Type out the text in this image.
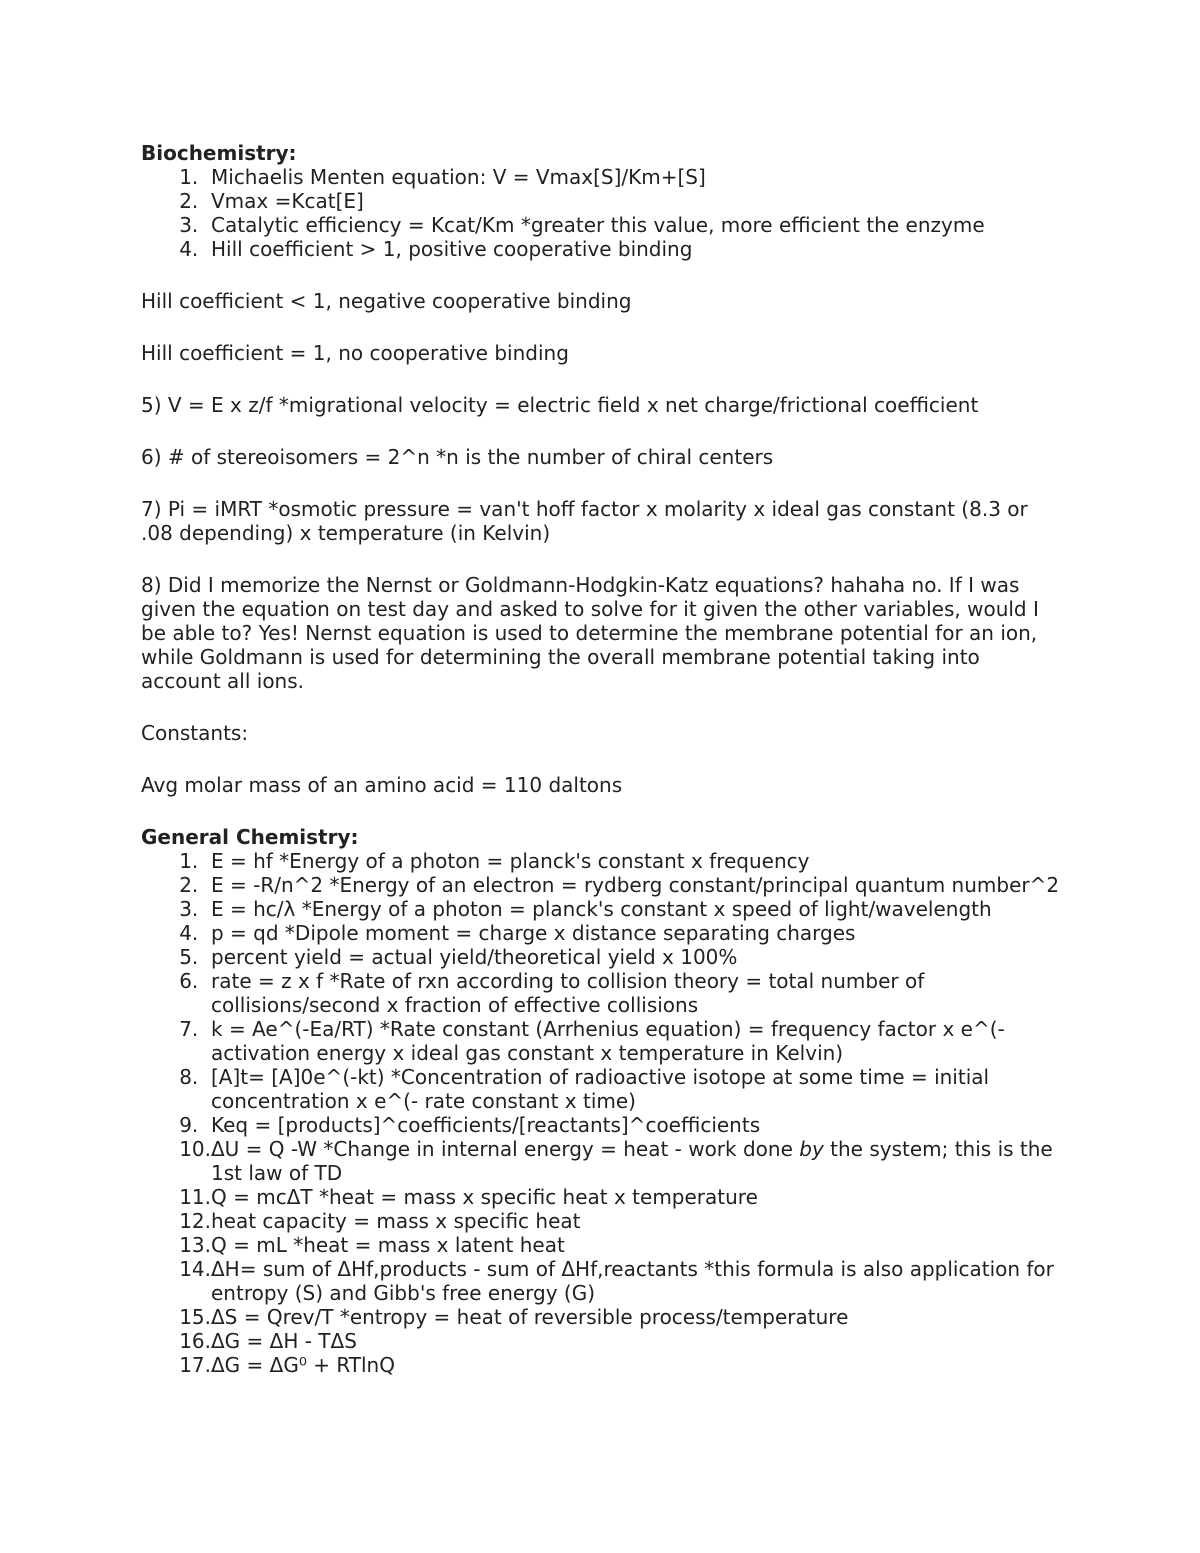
Biochemistry:

1. Michaelis Menten equation: V = Vmax[S]/Km+[S]
2. Vmax =Kcat[E]
3. Catalytic efficiency = Kcat/Km *greater this value, more efficient the enzyme
4. Hill coefficient > 1, positive cooperative binding

Hill coefficient < 1, negative cooperative binding

Hill coefficient = 1, no cooperative binding

5) V = E x z/f *migrational velocity = electric field x net charge/frictional coefficient

6) # of stereoisomers = 2^n *n is the number of chiral centers

7) Pi = iMRT *osmotic pressure = van't hoff factor x molarity x ideal gas constant (8.3 or .08 depending) x temperature (in Kelvin)

8) Did I memorize the Nernst or Goldmann-Hodgkin-Katz equations? hahaha no. If I was given the equation on test day and asked to solve for it given the other variables, would I be able to? Yes! Nernst equation is used to determine the membrane potential for an ion, while Goldmann is used for determining the overall membrane potential taking into account all ions.

Constants:

Avg molar mass of an amino acid = 110 daltons

General Chemistry:

1. E = hf *Energy of a photon = planck's constant x frequency
2. E = -R/n^2 *Energy of an electron = rydberg constant/principal quantum number^2
3. E = hc/λ *Energy of a photon = planck's constant x speed of light/wavelength
4. p = qd *Dipole moment = charge x distance separating charges
5. percent yield = actual yield/theoretical yield x 100%
6. rate = z x f *Rate of rxn according to collision theory = total number of collisions/second x fraction of effective collisions
7. k = Ae^(-Ea/RT) *Rate constant (Arrhenius equation) = frequency factor x e^(-activation energy x ideal gas constant x temperature in Kelvin)
8. [A]t= [A]0e^(-kt) *Concentration of radioactive isotope at some time = initial concentration x e^(- rate constant x time)
9. Keq = [products]^coefficients/[reactants]^coefficients
10. ΔU = Q -W *Change in internal energy = heat - work done by the system; this is the 1st law of TD
11. Q = mcΔT *heat = mass x specific heat x temperature
12. heat capacity = mass x specific heat
13. Q = mL *heat = mass x latent heat
14. ΔH= sum of ΔHf,products - sum of ΔHf,reactants *this formula is also application for entropy (S) and Gibb's free energy (G)
15. ΔS = Qrev/T *entropy = heat of reversible process/temperature
16. ΔG = ΔH - TΔS
17. ΔG = ΔG⁰ + RTlnQ
